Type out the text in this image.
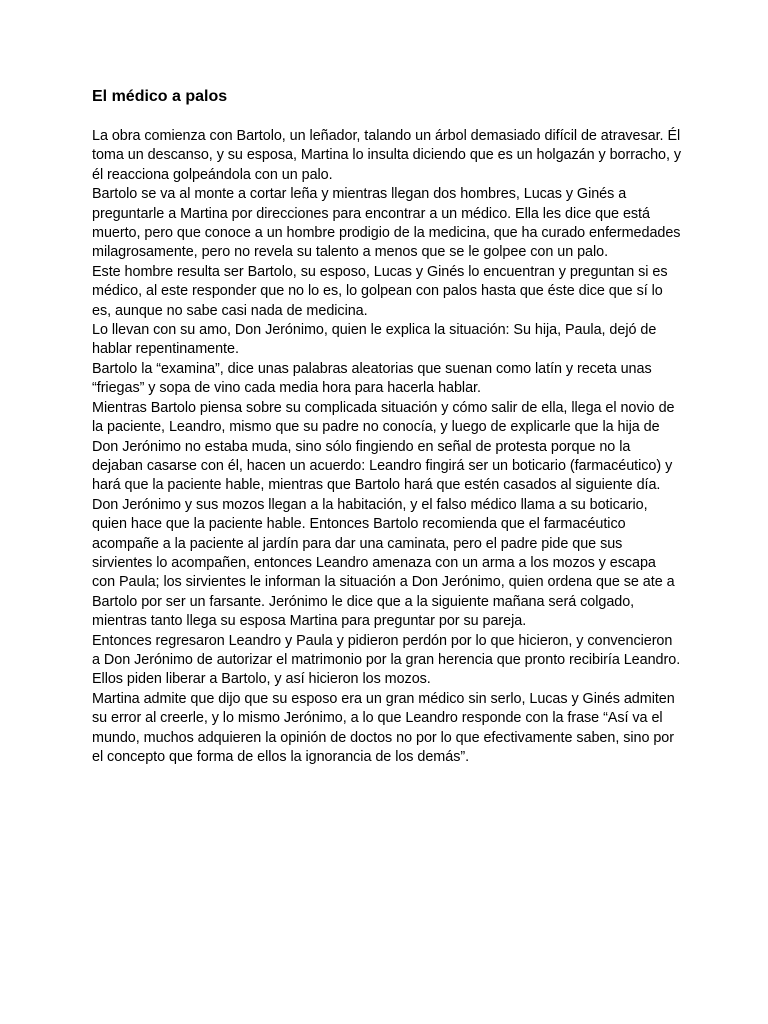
El médico a palos

La obra comienza con Bartolo, un leñador, talando un árbol demasiado difícil de atravesar. Él toma un descanso, y su esposa, Martina lo insulta diciendo que es un holgazán y borracho, y él reacciona golpeándola con un palo.

Bartolo se va al monte a cortar leña y mientras llegan dos hombres, Lucas y Ginés a preguntarle a Martina por direcciones para encontrar a un médico. Ella les dice que está muerto, pero que conoce a un hombre prodigio de la medicina, que ha curado enfermedades milagrosamente, pero no revela su talento a menos que se le golpee con un palo.

Este hombre resulta ser Bartolo, su esposo, Lucas y Ginés lo encuentran y preguntan si es médico, al este responder que no lo es, lo golpean con palos hasta que éste dice que sí lo es, aunque no sabe casi nada de medicina.

Lo llevan con su amo, Don Jerónimo, quien le explica la situación: Su hija, Paula, dejó de hablar repentinamente.

Bartolo la “examina”, dice unas palabras aleatorias que suenan como latín y receta unas “friegas” y sopa de vino cada media hora para hacerla hablar.

Mientras Bartolo piensa sobre su complicada situación y cómo salir de ella, llega el novio de la paciente, Leandro, mismo que su padre no conocía, y luego de explicarle que la hija de Don Jerónimo no estaba muda, sino sólo fingiendo en señal de protesta porque no la dejaban casarse con él, hacen un acuerdo: Leandro fingirá ser un boticario (farmacéutico) y hará que la paciente hable, mientras que Bartolo hará que estén casados al siguiente día.

Don Jerónimo y sus mozos llegan a la habitación, y el falso médico llama a su boticario, quien hace que la paciente hable. Entonces Bartolo recomienda que el farmacéutico acompañe a la paciente al jardín para dar una caminata, pero el padre pide que sus sirvientes lo acompañen, entonces Leandro amenaza con un arma a los mozos y escapa con Paula; los sirvientes le informan la situación a Don Jerónimo, quien ordena que se ate a Bartolo por ser un farsante. Jerónimo le dice que a la siguiente mañana será colgado, mientras tanto llega su esposa Martina para preguntar por su pareja.

Entonces regresaron Leandro y Paula y pidieron perdón por lo que hicieron, y convencieron a Don Jerónimo de autorizar el matrimonio por la gran herencia que pronto recibiría Leandro. Ellos piden liberar a Bartolo, y así hicieron los mozos.

Martina admite que dijo que su esposo era un gran médico sin serlo, Lucas y Ginés admiten su error al creerle, y lo mismo Jerónimo, a lo que Leandro responde con la frase “Así va el mundo, muchos adquieren la opinión de doctos no por lo que efectivamente saben, sino por el concepto que forma de ellos la ignorancia de los demás”.
